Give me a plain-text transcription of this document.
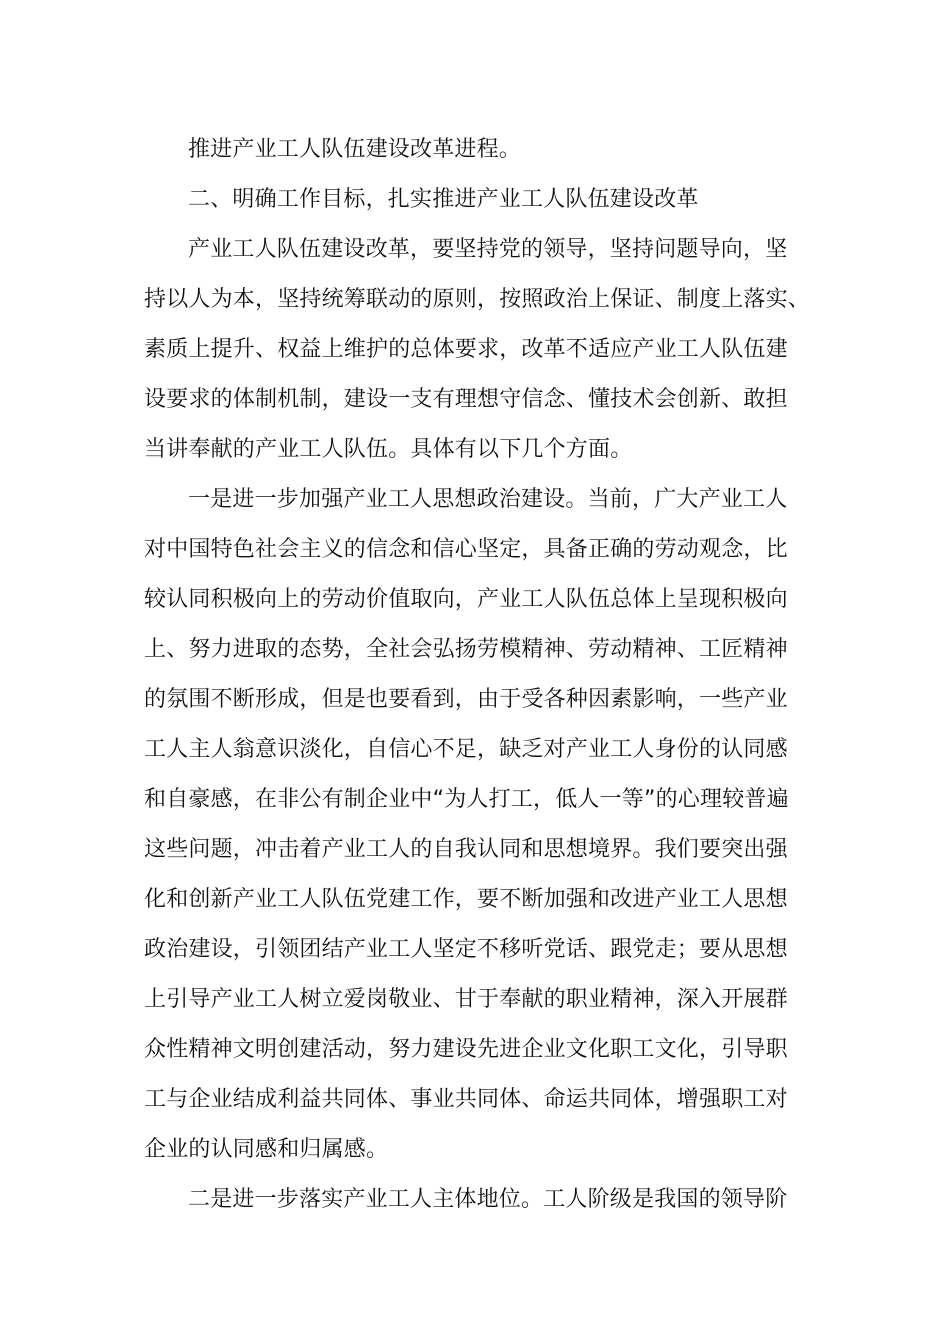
推进产业工人队伍建设改革进程。
二、明确工作目标，扎实推进产业工人队伍建设改革
产业工人队伍建设改革，要坚持党的领导，坚持问题导向，坚
持以人为本，坚持统筹联动的原则，按照政治上保证、制度上落实、
素质上提升、权益上维护的总体要求，改革不适应产业工人队伍建
设要求的体制机制，建设一支有理想守信念、懂技术会创新、敢担
当讲奉献的产业工人队伍。具体有以下几个方面。
一是进一步加强产业工人思想政治建设。当前，广大产业工人
对中国特色社会主义的信念和信心坚定，具备正确的劳动观念，比
较认同积极向上的劳动价值取向，产业工人队伍总体上呈现积极向
上、努力进取的态势，全社会弘扬劳模精神、劳动精神、工匠精神
的氛围不断形成，但是也要看到，由于受各种因素影响，一些产业
工人主人翁意识淡化，自信心不足，缺乏对产业工人身份的认同感
和自豪感，在非公有制企业中“为人打工，低人一等”的心理较普遍
这些问题，冲击着产业工人的自我认同和思想境界。我们要突出强
化和创新产业工人队伍党建工作，要不断加强和改进产业工人思想
政治建设，引领团结产业工人坚定不移听党话、跟党走；要从思想
上引导产业工人树立爱岗敬业、甘于奉献的职业精神，深入开展群
众性精神文明创建活动，努力建设先进企业文化职工文化，引导职
工与企业结成利益共同体、事业共同体、命运共同体，增强职工对
企业的认同感和归属感。
二是进一步落实产业工人主体地位。工人阶级是我国的领导阶
